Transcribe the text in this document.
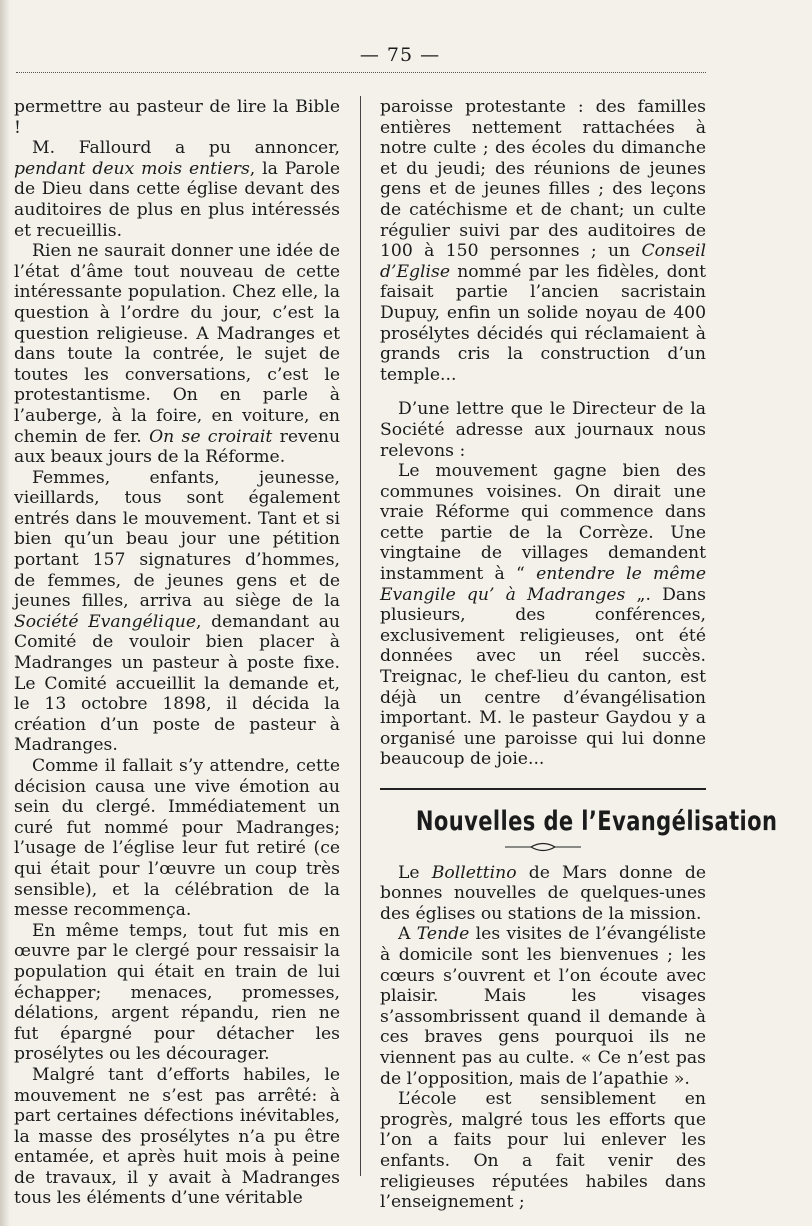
— 75 —

permettre au pasteur de lire la Bible !

M. Fallourd a pu annoncer, pendant deux mois entiers, la Parole de Dieu dans cette église devant des auditoires de plus en plus intéressés et recueillis.

Rien ne saurait donner une idée de l’état d’âme tout nouveau de cette intéressante population. Chez elle, la question à l’ordre du jour, c’est la question religieuse. A Madranges et dans toute la contrée, le sujet de toutes les conversations, c’est le protestantisme. On en parle à l’auberge, à la foire, en voiture, en chemin de fer. On se croirait revenu aux beaux jours de la Réforme.

Femmes, enfants, jeunesse, vieillards, tous sont également entrés dans le mouvement. Tant et si bien qu’un beau jour une pétition portant 157 signatures d’hommes, de femmes, de jeunes gens et de jeunes filles, arriva au siège de la Société Evangélique, demandant au Comité de vouloir bien placer à Madranges un pasteur à poste fixe. Le Comité accueillit la demande et, le 13 octobre 1898, il décida la création d’un poste de pasteur à Madranges.

Comme il fallait s’y attendre, cette décision causa une vive émotion au sein du clergé. Immédiatement un curé fut nommé pour Madranges; l’usage de l’église leur fut retiré (ce qui était pour l’œuvre un coup très sensible), et la célébration de la messe recommença.

En même temps, tout fut mis en œuvre par le clergé pour ressaisir la population qui était en train de lui échapper; menaces, promesses, délations, argent répandu, rien ne fut épargné pour détacher les prosélytes ou les décourager.

Malgré tant d’efforts habiles, le mouvement ne s’est pas arrêté: à part certaines défections inévitables, la masse des prosélytes n’a pu être entamée, et après huit mois à peine de travaux, il y avait à Madranges tous les éléments d’une véritable

paroisse protestante : des familles entières nettement rattachées à notre culte ; des écoles du dimanche et du jeudi; des réunions de jeunes gens et de jeunes filles ; des leçons de catéchisme et de chant; un culte régulier suivi par des auditoires de 100 à 150 personnes ; un Conseil d’Eglise nommé par les fidèles, dont faisait partie l’ancien sacristain Dupuy, enfin un solide noyau de 400 prosélytes décidés qui réclamaient à grands cris la construction d’un temple...

D’une lettre que le Directeur de la Société adresse aux journaux nous relevons :

Le mouvement gagne bien des communes voisines. On dirait une vraie Réforme qui commence dans cette partie de la Corrèze. Une vingtaine de villages demandent instamment à “ entendre le même Evangile qu’ à Madranges „. Dans plusieurs, des conférences, exclusivement religieuses, ont été données avec un réel succès. Treignac, le chef-lieu du canton, est déjà un centre d’évangélisation important. M. le pasteur Gaydou y a organisé une paroisse qui lui donne beaucoup de joie...

Nouvelles de l’Evangélisation

Le Bollettino de Mars donne de bonnes nouvelles de quelques-unes des églises ou stations de la mission.

A Tende les visites de l’évangéliste à domicile sont les bienvenues ; les cœurs s’ouvrent et l’on écoute avec plaisir. Mais les visages s’assombrissent quand il demande à ces braves gens pourquoi ils ne viennent pas au culte. « Ce n’est pas de l’opposition, mais de l’apathie ».

L’école est sensiblement en progrès, malgré tous les efforts que l’on a faits pour lui enlever les enfants. On a fait venir des religieuses réputées habiles dans l’enseignement ;
